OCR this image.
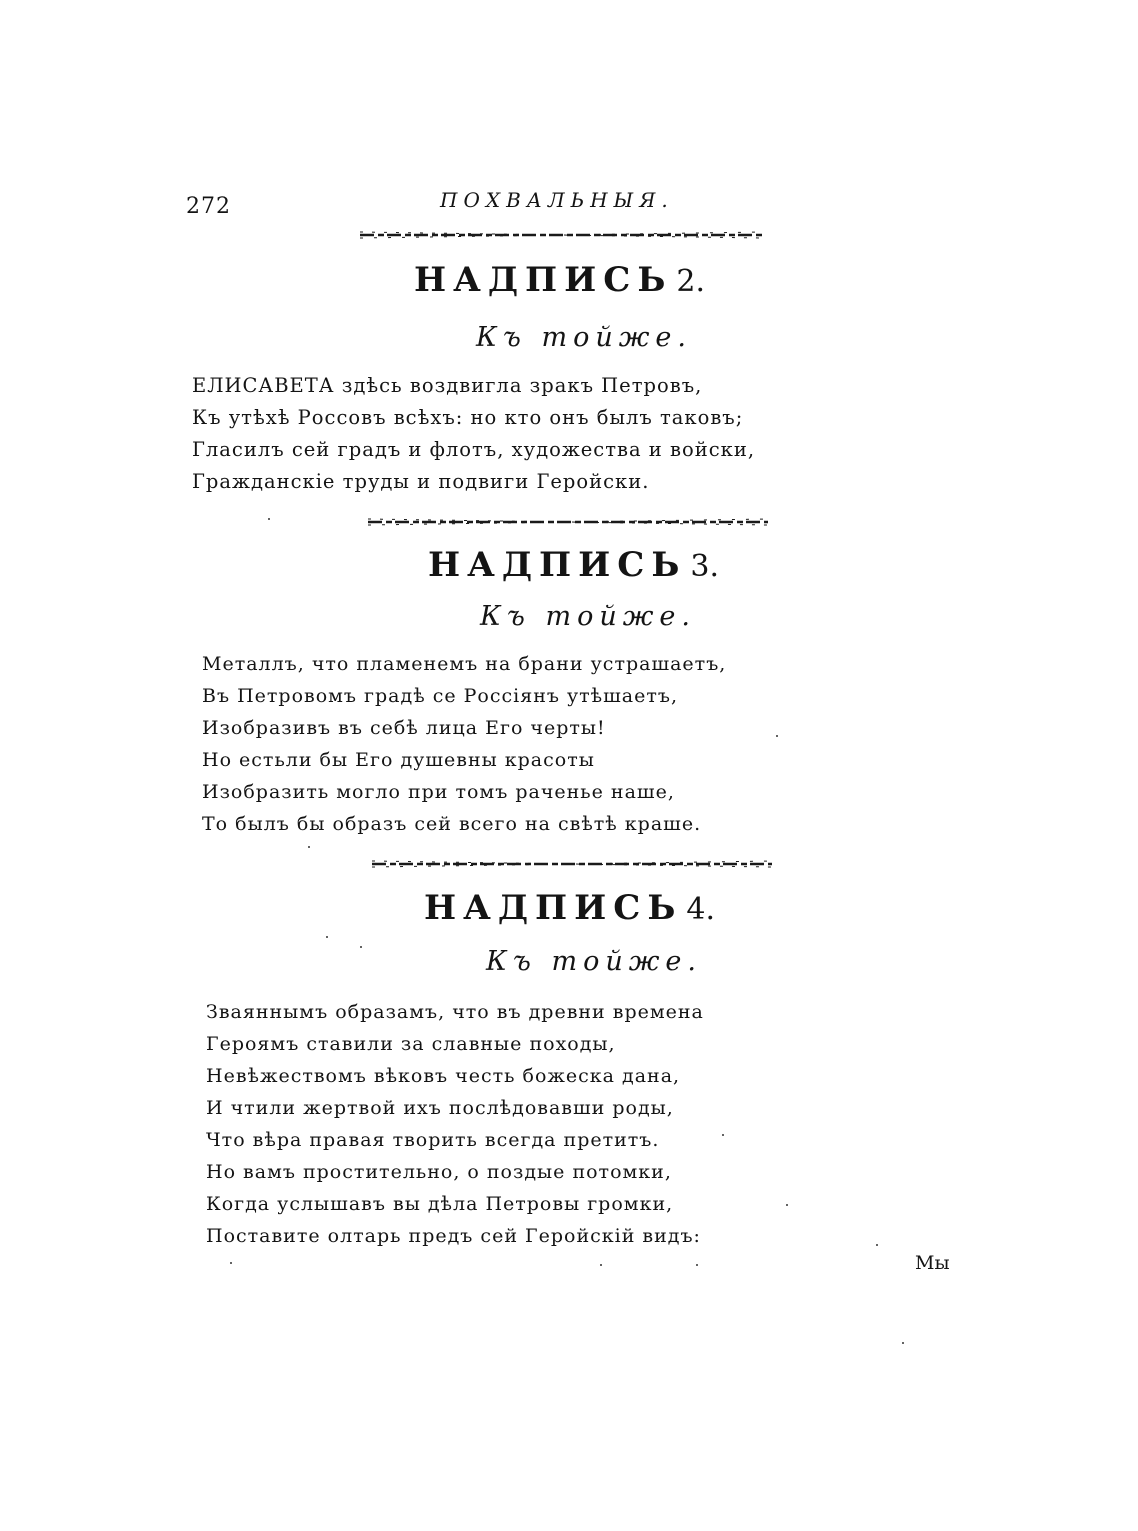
272	ПОХВАЛЬНЫЯ.
НАДПИСЬ 2.
Къ тойже.
ЕЛИСАВЕТА здѣсь воздвигла зракъ Петровъ,
Къ утѣхѣ Россовъ всѣхъ: но кто онъ былъ таковъ;
Гласилъ сей градъ и флотъ, художества и войски,
Гражданскіе труды и подвиги Геройски.
НАДПИСЬ 3.
Къ тойже.
Металлъ, что пламенемъ на брани устрашаетъ,
Въ Петровомъ градѣ се Россіянъ утѣшаетъ,
Изобразивъ въ себѣ лица Его черты!
Но естьли бы Его душевны красоты
Изобразить могло при томъ раченье наше,
То былъ бы образъ сей всего на свѣтѣ краше.
НАДПИСЬ 4.
Къ тойже.
Зваяннымъ образамъ, что въ древни времена
Героямъ ставили за славные походы,
Невѣжествомъ вѣковъ честь божеска дана,
И чтили жертвой ихъ послѣдовавши роды,
Что вѣра правая творить всегда претитъ.
Но вамъ простительно, о поздые потомки,
Когда услышавъ вы дѣла Петровы громки,
Поставите олтарь предъ сей Геройскій видъ:
Мы
